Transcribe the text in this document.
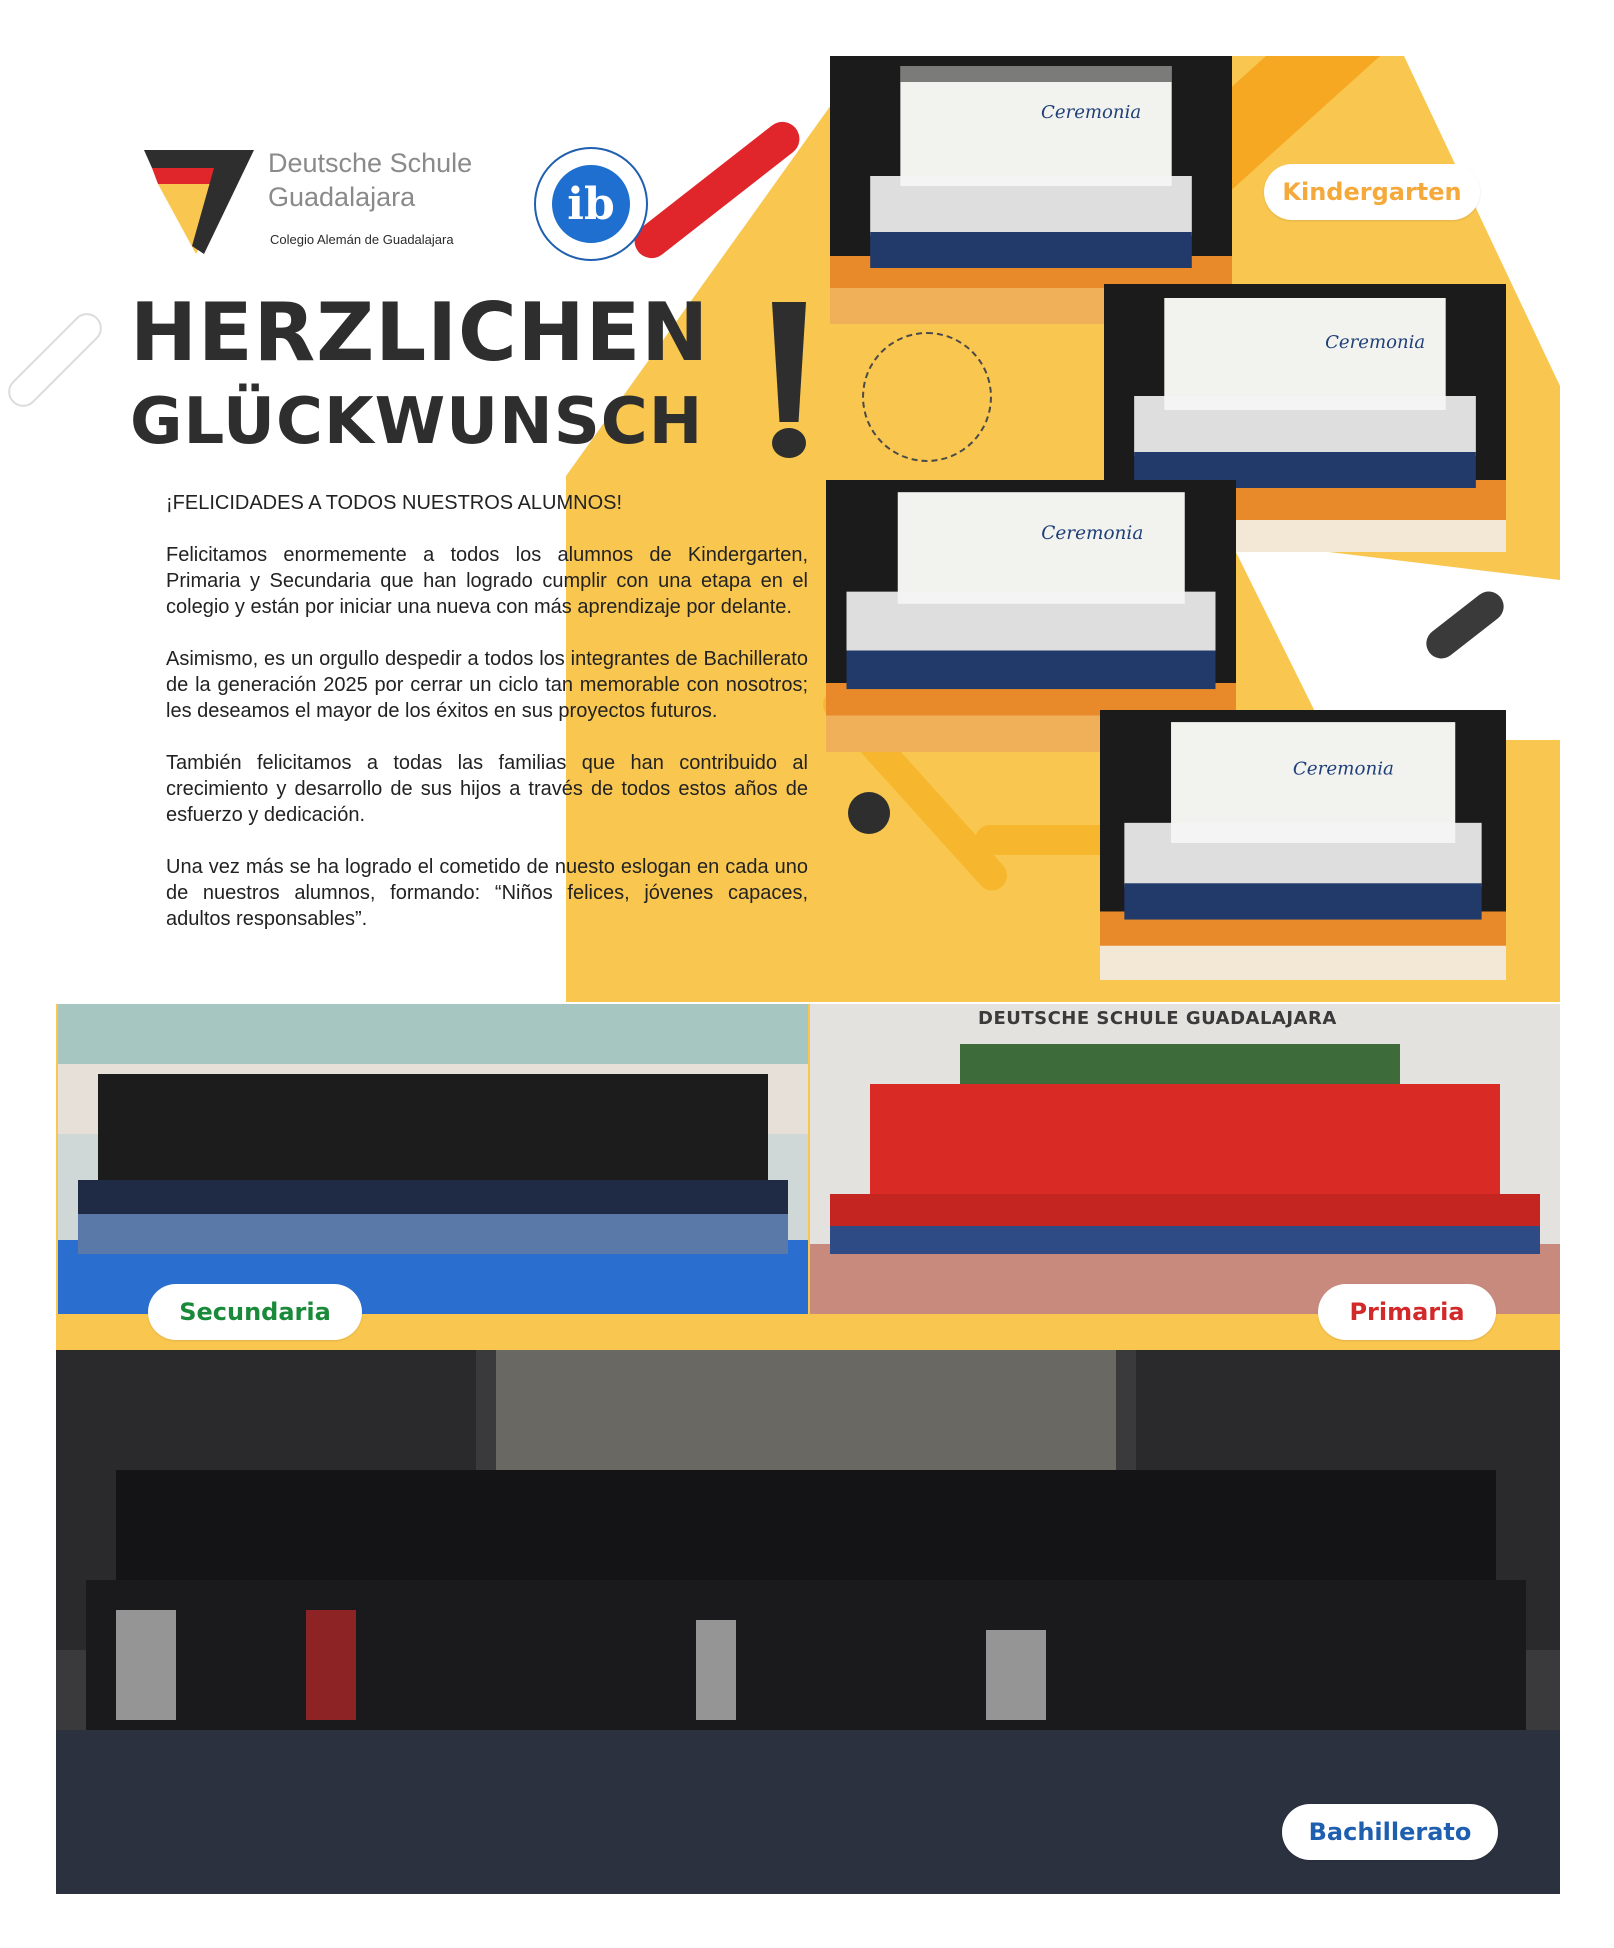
Deutsche Schule
Guadalajara
Colegio Alemán de Guadalajara
ib
HERZLICHEN
GLÜCKWUNSCH
¡FELICIDADES A TODOS NUESTROS ALUMNOS!

Felicitamos enormemente a todos los alumnos de Kindergarten, Primaria y Secundaria que han logrado cumplir con una etapa en el colegio y están por iniciar una nueva con más aprendizaje por delante.

Asimismo, es un orgullo despedir a todos los integrantes de Bachillerato de la generación 2025 por cerrar un ciclo tan memorable con nosotros; les deseamos el mayor de los éxitos en sus proyectos futuros.

También felicitamos a todas las familias que han contribuido al crecimiento y desarrollo de sus hijos a través de todos estos años de esfuerzo y dedicación.

Una vez más se ha logrado el cometido de nuesto eslogan en cada uno de nuestros alumnos, formando: “Niños felices, jóvenes capaces, adultos responsables”.

Ceremonia
Ceremonia
Ceremonia
Ceremonia
DEUTSCHE SCHULE GUADALAJARA
Kindergarten
Secundaria	Primaria
Bachillerato
